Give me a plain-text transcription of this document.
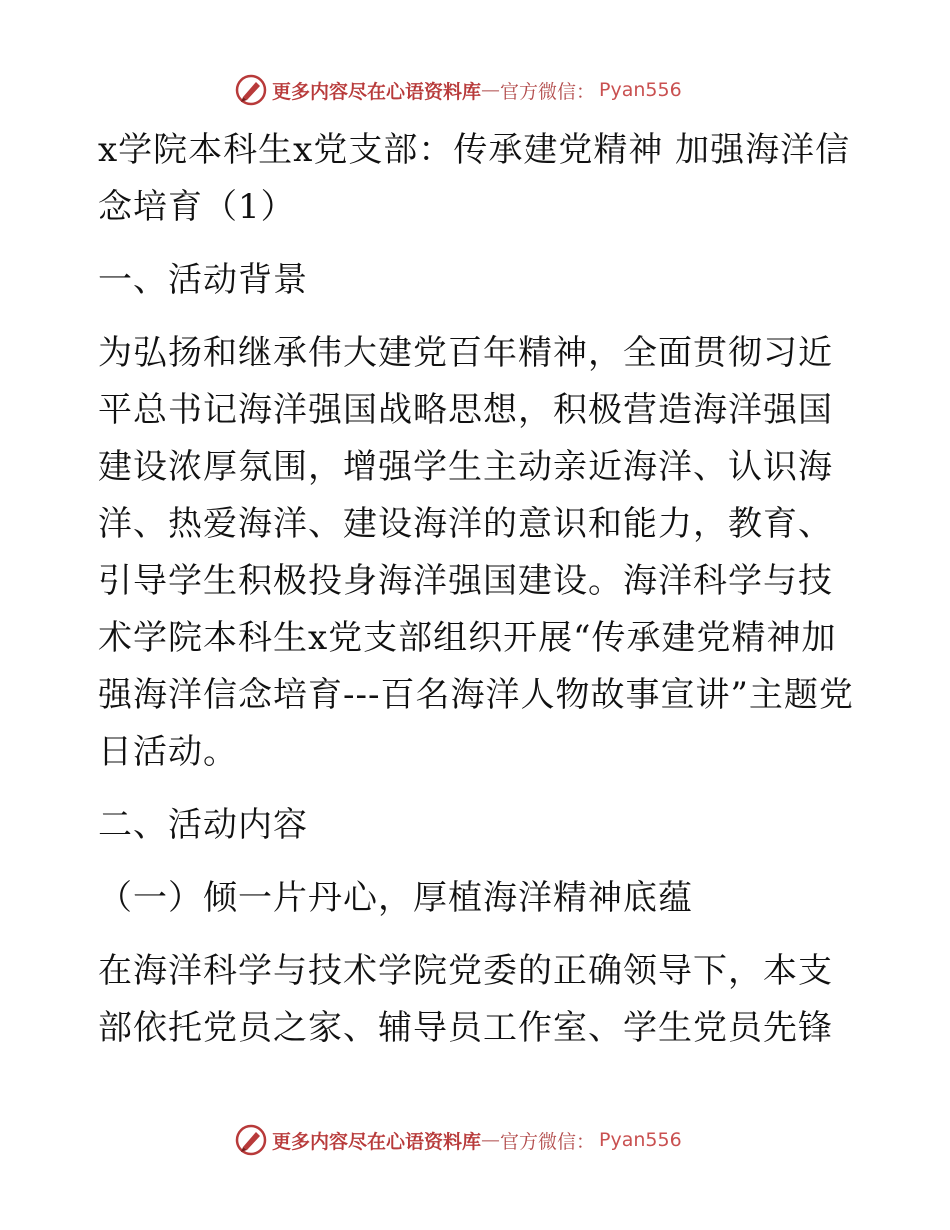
更多内容尽在心语资料库 — 官方微信： Pyan556

x学院本科生x党支部：传承建党精神 加强海洋信念培育（1）

一、活动背景

为弘扬和继承伟大建党百年精神，全面贯彻习近平总书记海洋强国战略思想，积极营造海洋强国建设浓厚氛围，增强学生主动亲近海洋、认识海洋、热爱海洋、建设海洋的意识和能力，教育、引导学生积极投身海洋强国建设。海洋科学与技术学院本科生x党支部组织开展“传承建党精神加强海洋信念培育---百名海洋人物故事宣讲”主题党日活动。

二、活动内容

（一）倾一片丹心，厚植海洋精神底蕴

在海洋科学与技术学院党委的正确领导下，本支部依托党员之家、辅导员工作室、学生党员先锋

更多内容尽在心语资料库 — 官方微信： Pyan556
